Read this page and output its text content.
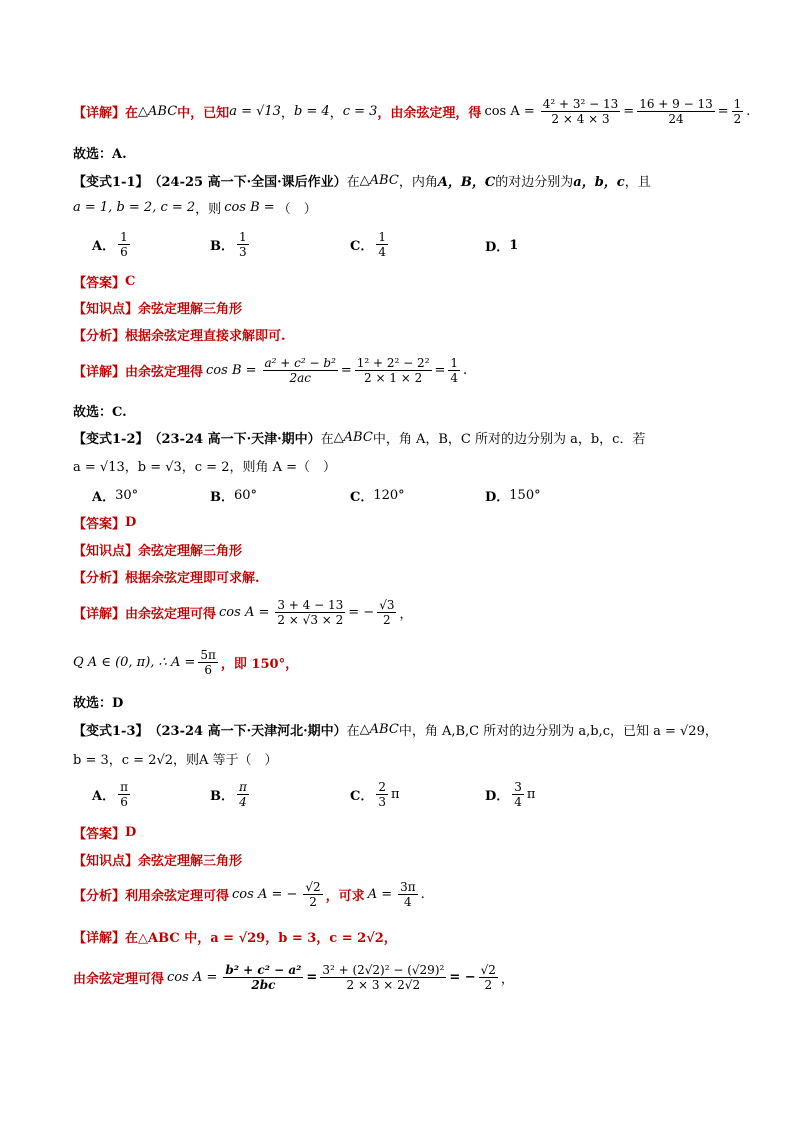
【详解】 在 △ABC 中，已知 a = √13 ， b = 4 ， c = 3 ，由余弦定理，得 $\cos A = \frac{\text{4² + 3² − 13}}{2 \times 4 \times 3} = \frac{16 + 9 - 13}{24} = \frac{1}{2}$ .
故选：A.
【变式1-1】 （24-25 高一下·全国·课后作业） 在 △ABC ，内角 A，B，C 的对边分别为 a，b，c ，且
a = 1, b = 2, c = 2 ，则 cos B = （　）
A． $\frac{1}{6}$	B． $\frac{1}{3}$	C． $\frac{1}{4}$	D． 1
【答案】 C
【知识点】 余弦定理解三角形
【分析】 根据余弦定理直接求解即可.
【详解】 由余弦定理得 $\cos B = \frac{\text{a² + c² − b²}}{2ac} = \frac{\text{1² + 2² − 2²}}{2 \times 1 \times 2} = \frac{1}{4}$ .
故选：C.
【变式1-2】 （23-24 高一下·天津·期中） 在 △ABC 中，角 A，B，C 所对的边分别为 a，b，c．若
a = √13，b = √3，c = 2，则角 A =（　）
A． 30°	B． 60°	C． 120°	D． 150°
【答案】 D
【知识点】 余弦定理解三角形
【分析】 根据余弦定理即可求解.
【详解】 由余弦定理可得 $\cos A = \frac{3 + 4 - 13}{2 \times √3 \times 2}$ = − $\frac{√3}{2}$ ，
Q A ∈ (0, π), ∴ $A = \frac{5\pi}{6}$ ，即 150°，
故选：D
【变式1-3】 （23-24 高一下·天津河北·期中） 在 △ABC 中，角 A,B,C 所对的边分别为 a,b,c，已知 a = √29，
b = 3，c = 2√2，则A 等于（　）
A． $\frac{\pi}{6}$	B． $\frac{\pi}{4}$	C． $\frac{2}{3}$ π	D． $\frac{3}{4}$ π
【答案】 D
【知识点】 余弦定理解三角形
【分析】 利用余弦定理可得 cos A = − $\frac{√2}{2}$ ，可求 $A = \frac{3\pi}{4}$ .
【详解】 在△ABC 中，a = √29，b = 3，c = 2√2，
由余弦定理可得 $\cos A = \frac{\text{b² + c² − a²}}{2bc} = \frac{\text{3² + (2√2)² − (√29)²}}{2 \times 3 \times 2√2}$ = − $\frac{√2}{2}$ ，
